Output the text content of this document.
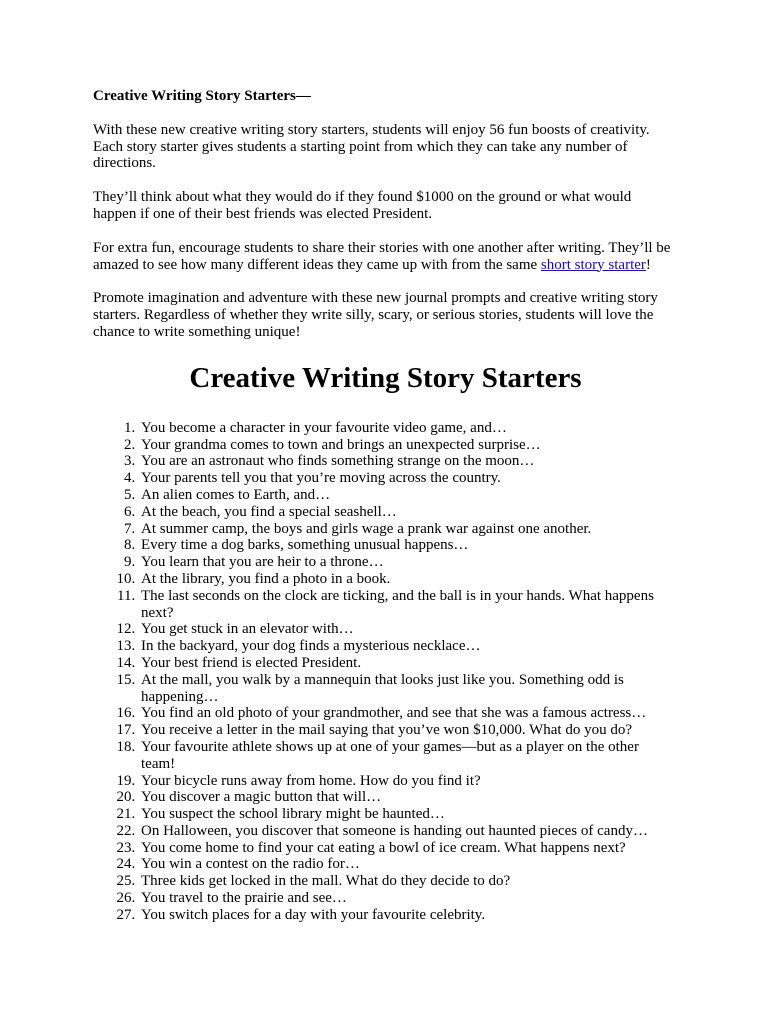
Creative Writing Story Starters—

With these new creative writing story starters, students will enjoy 56 fun boosts of creativity. Each story starter gives students a starting point from which they can take any number of directions.

They’ll think about what they would do if they found $1000 on the ground or what would happen if one of their best friends was elected President.

For extra fun, encourage students to share their stories with one another after writing. They’ll be amazed to see how many different ideas they came up with from the same short story starter!

Promote imagination and adventure with these new journal prompts and creative writing story starters. Regardless of whether they write silly, scary, or serious stories, students will love the chance to write something unique!

Creative Writing Story Starters
1. You become a character in your favourite video game, and…
2. Your grandma comes to town and brings an unexpected surprise…
3. You are an astronaut who finds something strange on the moon…
4. Your parents tell you that you’re moving across the country.
5. An alien comes to Earth, and…
6. At the beach, you find a special seashell…
7. At summer camp, the boys and girls wage a prank war against one another.
8. Every time a dog barks, something unusual happens…
9. You learn that you are heir to a throne…
10. At the library, you find a photo in a book.
11. The last seconds on the clock are ticking, and the ball is in your hands. What happens next?
12. You get stuck in an elevator with…
13. In the backyard, your dog finds a mysterious necklace…
14. Your best friend is elected President.
15. At the mall, you walk by a mannequin that looks just like you. Something odd is happening…
16. You find an old photo of your grandmother, and see that she was a famous actress…
17. You receive a letter in the mail saying that you’ve won $10,000. What do you do?
18. Your favourite athlete shows up at one of your games—but as a player on the other team!
19. Your bicycle runs away from home. How do you find it?
20. You discover a magic button that will…
21. You suspect the school library might be haunted…
22. On Halloween, you discover that someone is handing out haunted pieces of candy…
23. You come home to find your cat eating a bowl of ice cream. What happens next?
24. You win a contest on the radio for…
25. Three kids get locked in the mall. What do they decide to do?
26. You travel to the prairie and see…
27. You switch places for a day with your favourite celebrity.
